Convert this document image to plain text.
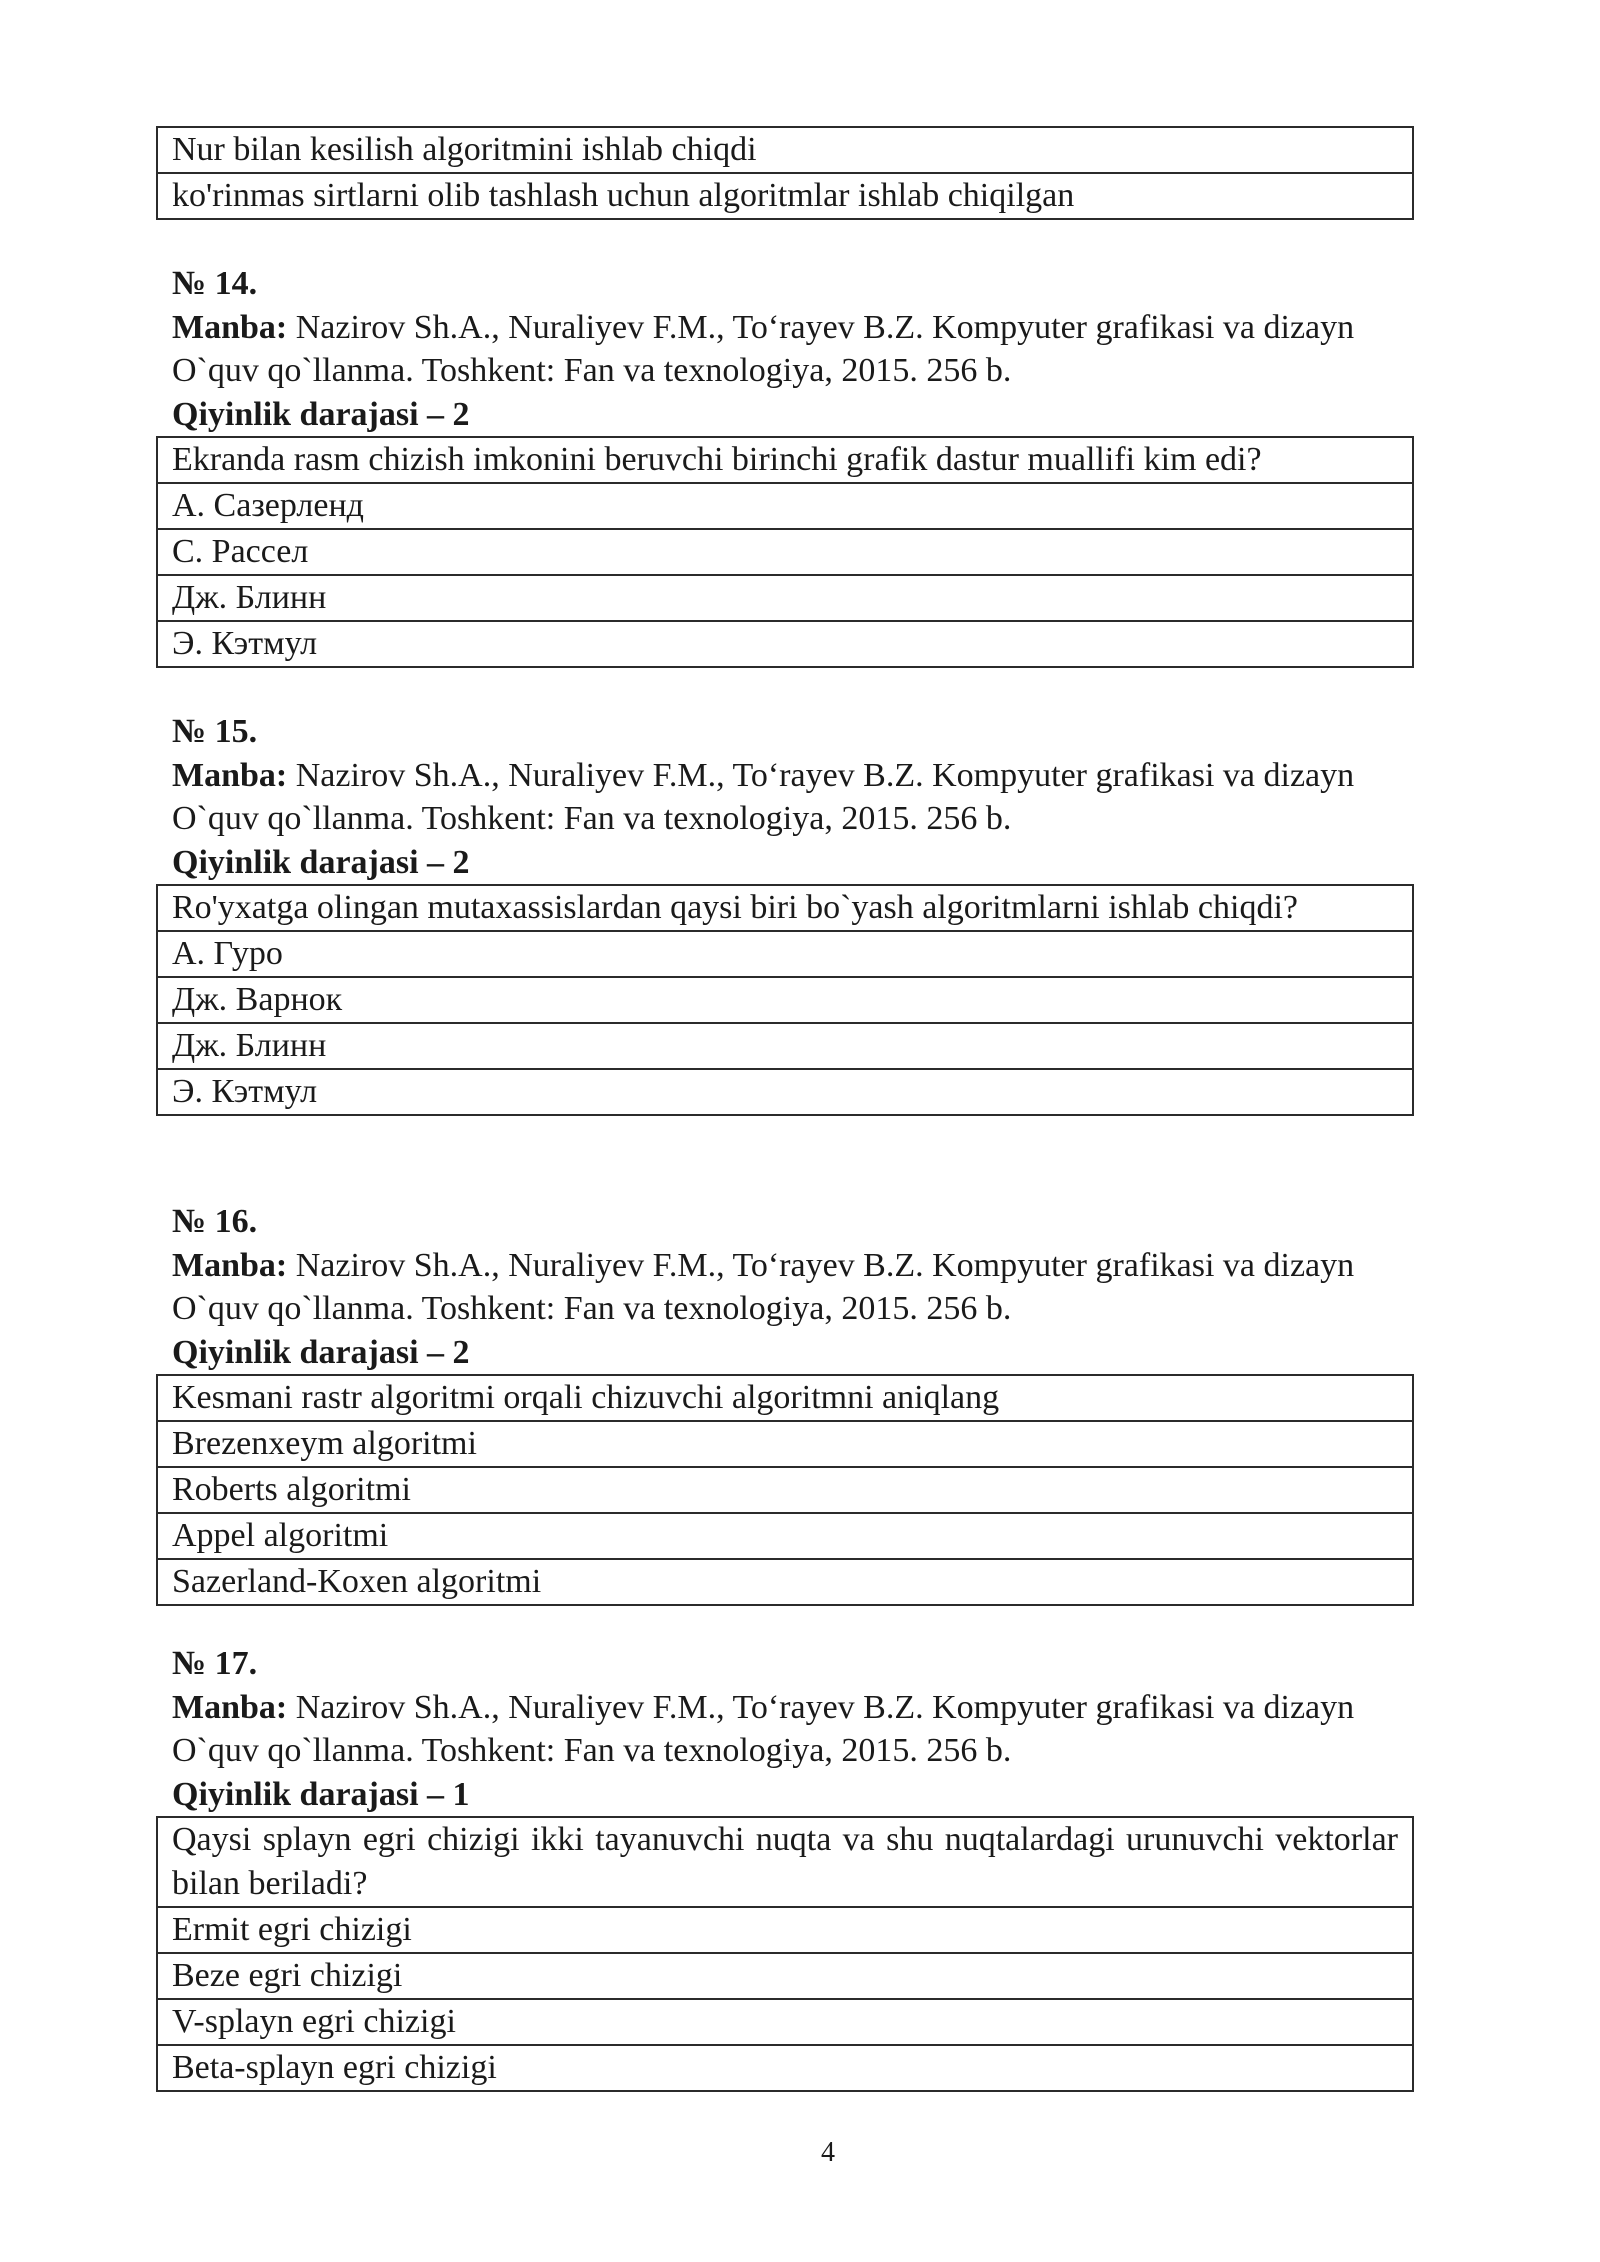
Nur bilan kesilish algoritmini ishlab chiqdi
ko'rinmas sirtlarni olib tashlash uchun algoritmlar ishlab chiqilgan
№ 14.
Manba: Nazirov Sh.A., Nuraliyev F.M., To‘rayev B.Z. Kompyuter grafikasi va dizayn
O`quv qo`llanma. Toshkent: Fan va texnologiya, 2015. 256 b.
Qiyinlik darajasi – 2
Ekranda rasm chizish imkonini beruvchi birinchi grafik dastur muallifi kim edi?
A. Сазерленд
C. Рассел
Дж. Блинн
Э. Кэтмул
№ 15.
Manba: Nazirov Sh.A., Nuraliyev F.M., To‘rayev B.Z. Kompyuter grafikasi va dizayn
O`quv qo`llanma. Toshkent: Fan va texnologiya, 2015. 256 b.
Qiyinlik darajasi – 2
Ro'yxatga olingan mutaxassislardan qaysi biri bo`yash algoritmlarni ishlab chiqdi?
A. Гуро
Дж. Варнок
Дж. Блинн
Э. Кэтмул
№ 16.
Manba: Nazirov Sh.A., Nuraliyev F.M., To‘rayev B.Z. Kompyuter grafikasi va dizayn
O`quv qo`llanma. Toshkent: Fan va texnologiya, 2015. 256 b.
Qiyinlik darajasi – 2
Kesmani rastr algoritmi orqali chizuvchi algoritmni aniqlang
Brezenxeym algoritmi
Roberts algoritmi
Appel algoritmi
Sazerland-Koxen algoritmi
№ 17.
Manba: Nazirov Sh.A., Nuraliyev F.M., To‘rayev B.Z. Kompyuter grafikasi va dizayn
O`quv qo`llanma. Toshkent: Fan va texnologiya, 2015. 256 b.
Qiyinlik darajasi – 1
Qaysi splayn egri chizigi ikki tayanuvchi nuqta va shu nuqtalardagi urunuvchi vektorlar bilan beriladi?
Ermit egri chizigi
Beze egri chizigi
V-splayn egri chizigi
Beta-splayn egri chizigi
4
